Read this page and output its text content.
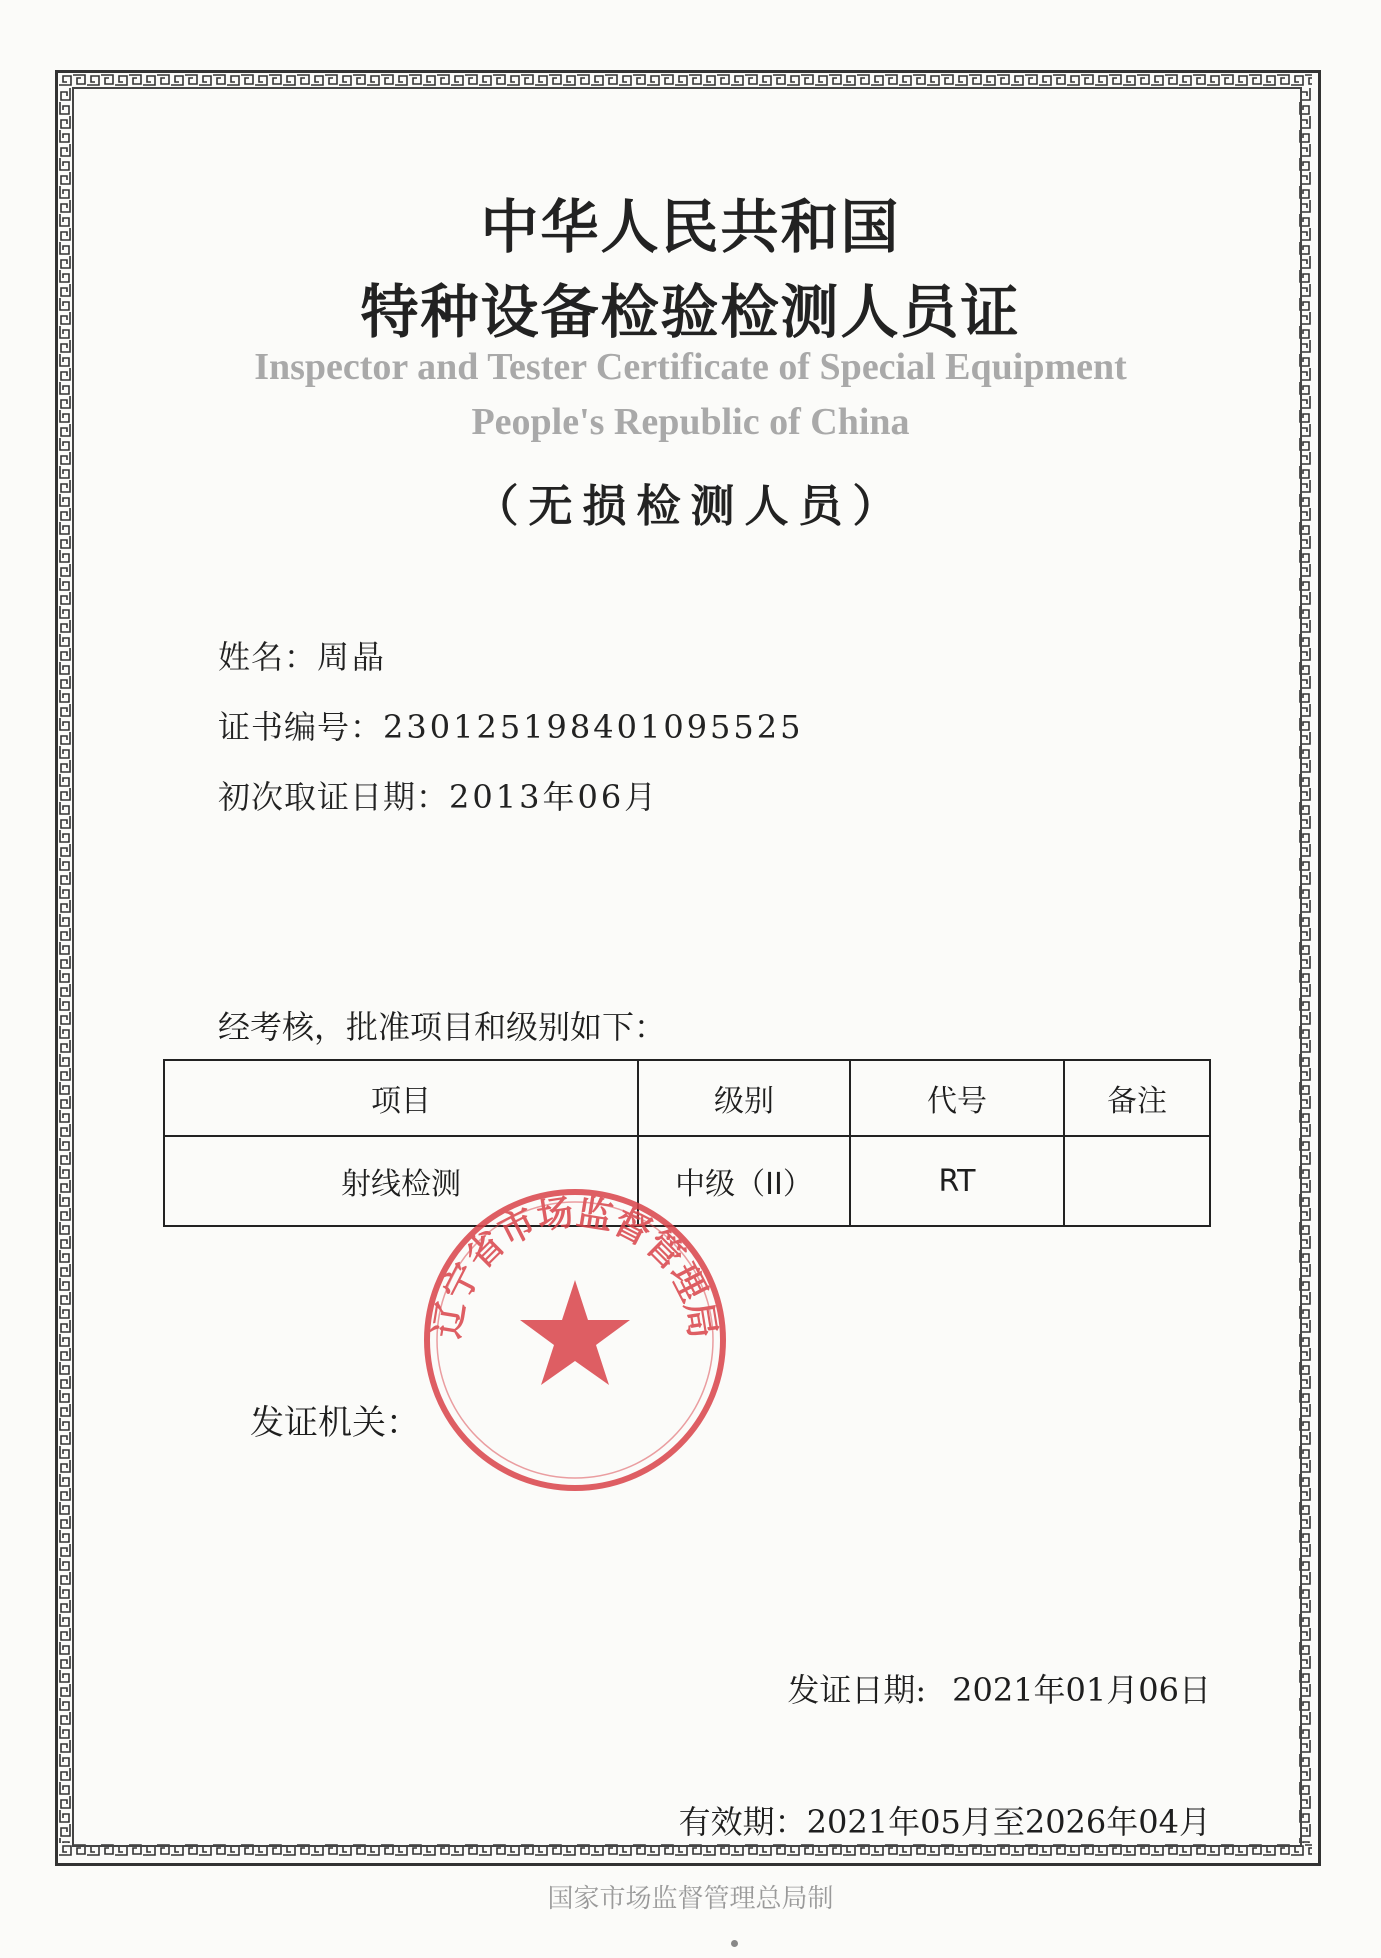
中华人民共和国
特种设备检验检测人员证
Inspector and Tester Certificate of Special Equipment
People's Republic of China
（无损检测人员）
姓名：周晶
证书编号：230125198401095525
初次取证日期：2013年06月
经考核，批准项目和级别如下：
项目	级别	代号	备注
射线检测	中级（II）	RT	
发证机关：
辽宁省市场监督管理局
发证日期: 2021年01月06日
有效期：2021年05月至2026年04月
国家市场监督管理总局制
